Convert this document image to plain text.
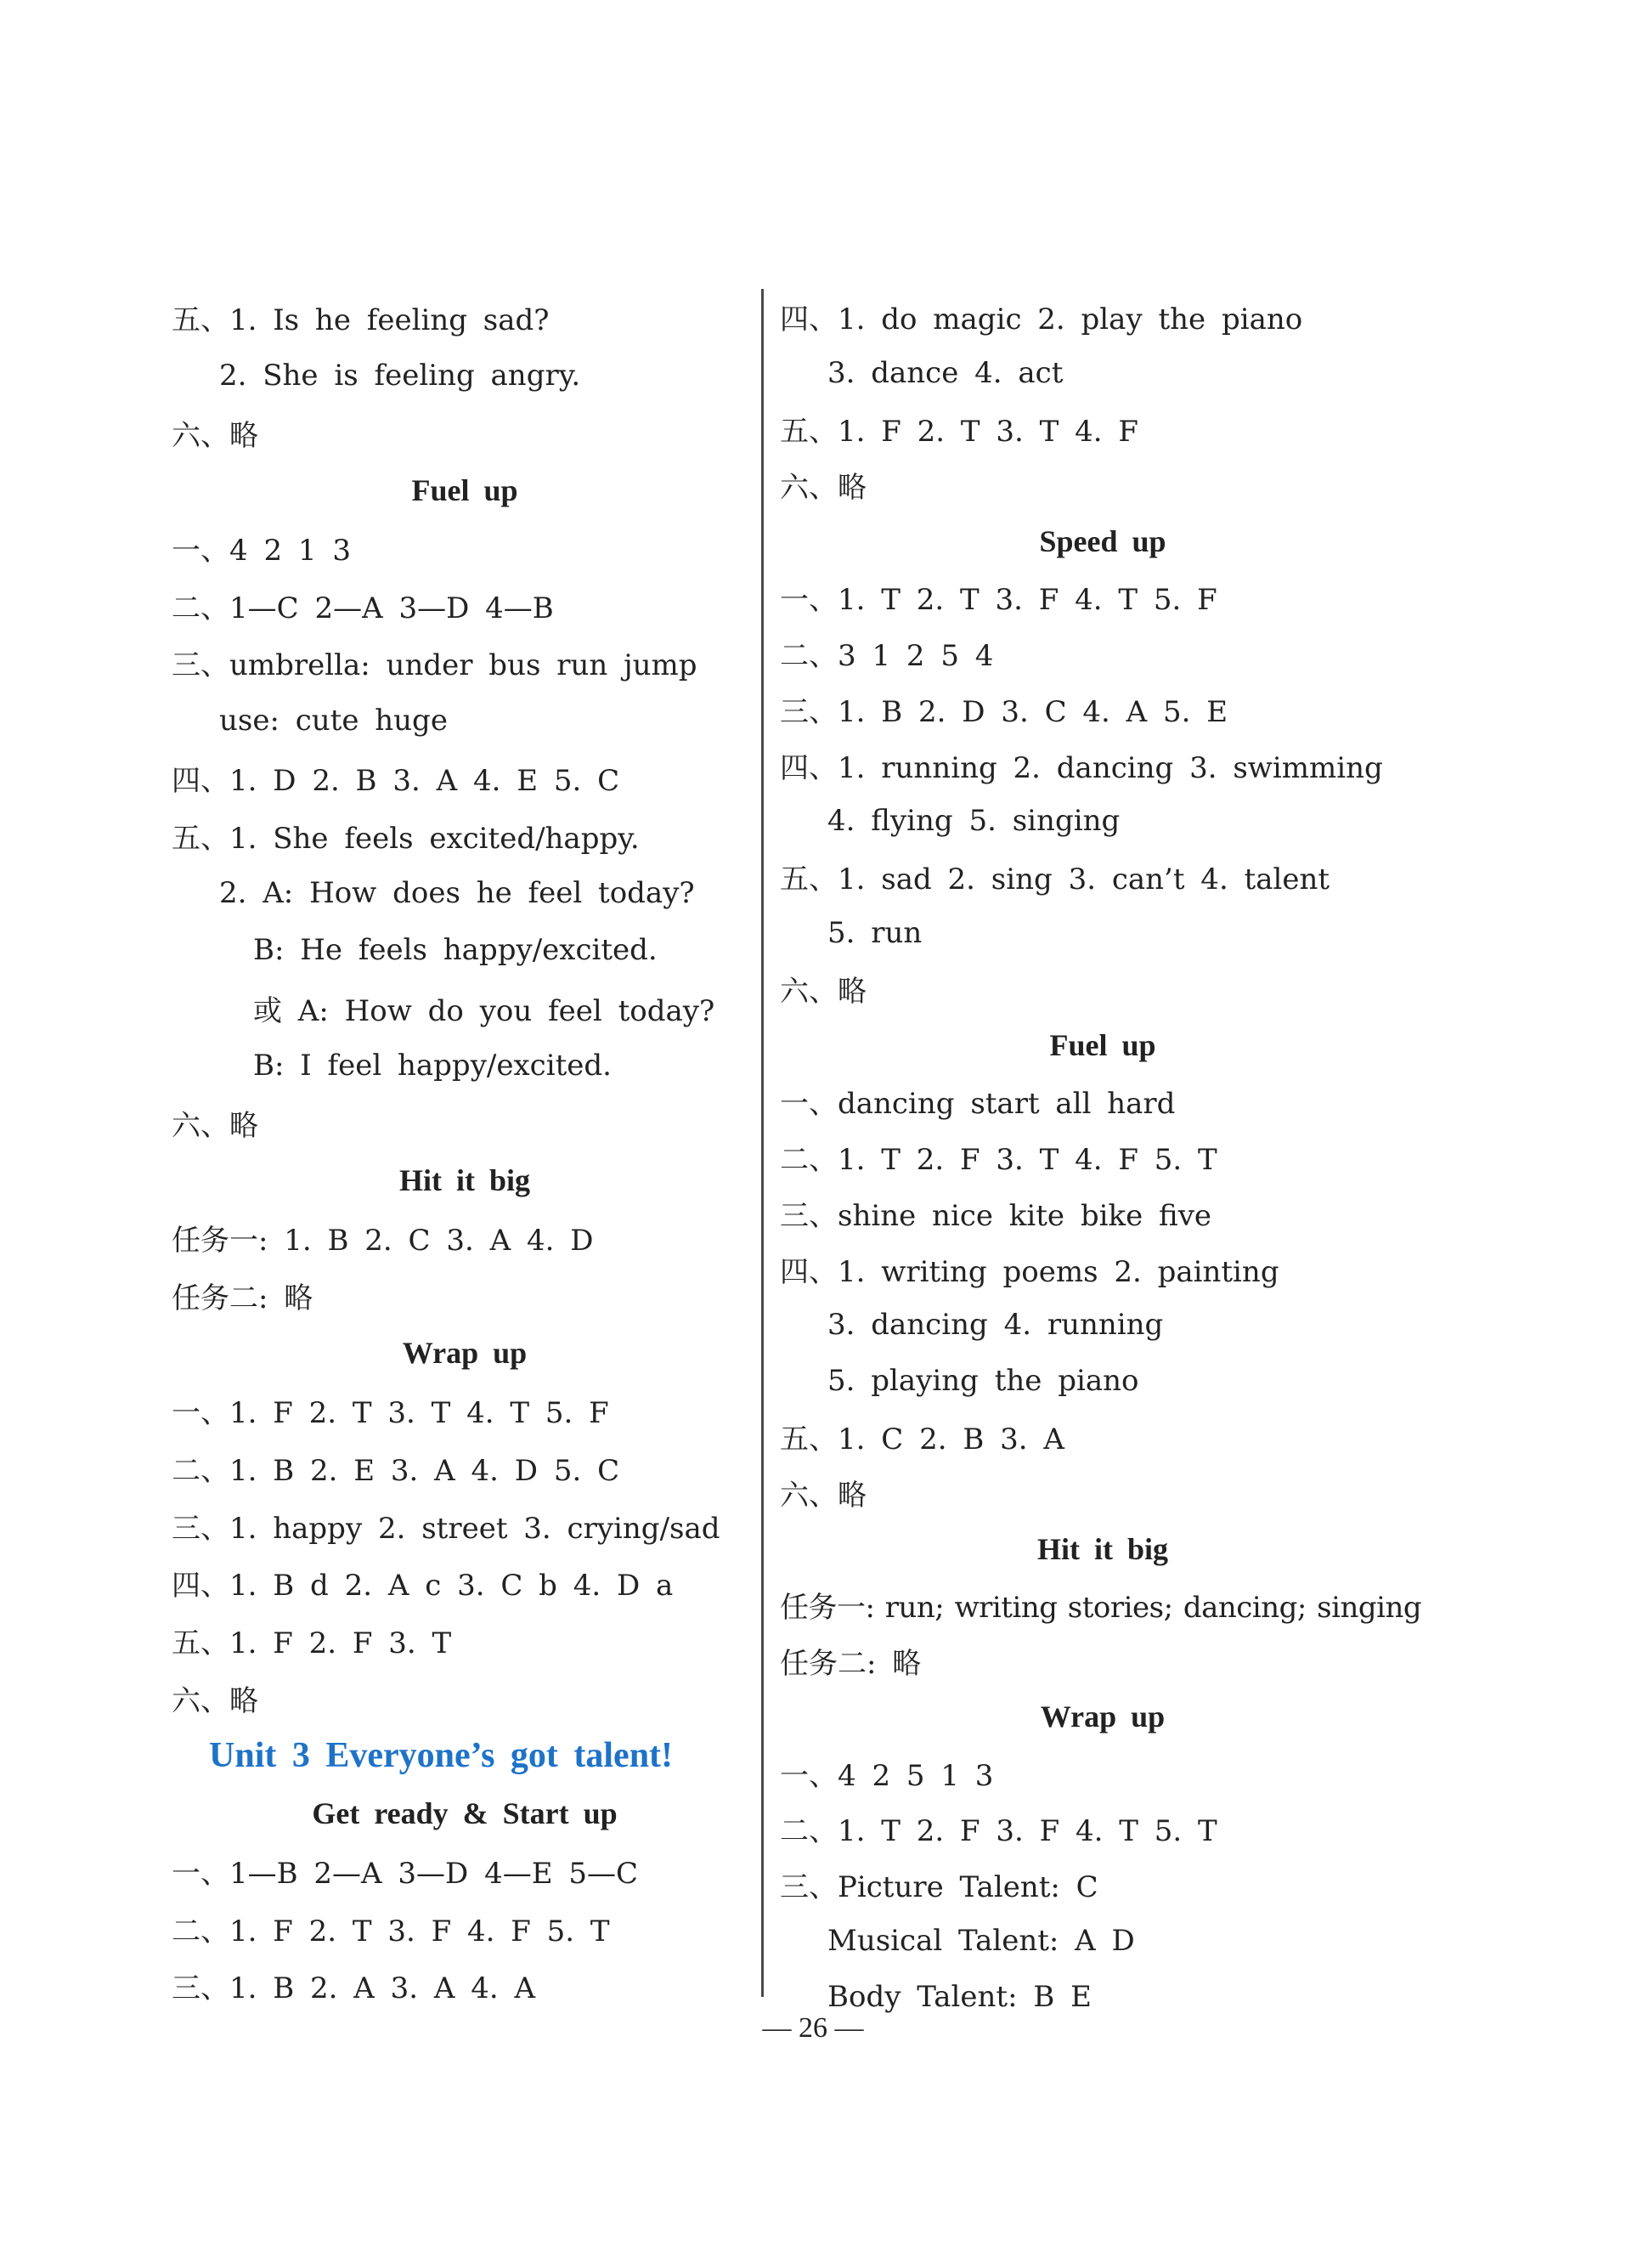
五、1. Is he feeling sad?
2. She is feeling angry.
六、略
Fuel up
一、4 2 1 3
二、1—C 2—A 3—D 4—B
三、umbrella: under bus run jump
use: cute huge
四、1. D 2. B 3. A 4. E 5. C
五、1. She feels excited/happy.
2. A: How does he feel today?
B: He feels happy/excited.
或 A: How do you feel today?
B: I feel happy/excited.
六、略
Hit it big
任务一: 1. B 2. C 3. A 4. D
任务二: 略
Wrap up
一、1. F 2. T 3. T 4. T 5. F
二、1. B 2. E 3. A 4. D 5. C
三、1. happy 2. street 3. crying/sad
四、1. B d 2. A c 3. C b 4. D a
五、1. F 2. F 3. T
六、略
Unit 3 Everyone’s got talent!
Get ready & Start up
一、1—B 2—A 3—D 4—E 5—C
二、1. F 2. T 3. F 4. F 5. T
三、1. B 2. A 3. A 4. A
四、1. do magic 2. play the piano
3. dance 4. act
五、1. F 2. T 3. T 4. F
六、略
Speed up
一、1. T 2. T 3. F 4. T 5. F
二、3 1 2 5 4
三、1. B 2. D 3. C 4. A 5. E
四、1. running 2. dancing 3. swimming
4. flying 5. singing
五、1. sad 2. sing 3. can’t 4. talent
5. run
六、略
Fuel up
一、dancing start all hard
二、1. T 2. F 3. T 4. F 5. T
三、shine nice kite bike five
四、1. writing poems 2. painting
3. dancing 4. running
5. playing the piano
五、1. C 2. B 3. A
六、略
Hit it big
任务一: run; writing stories; dancing; singing
任务二: 略
Wrap up
一、4 2 5 1 3
二、1. T 2. F 3. F 4. T 5. T
三、Picture Talent: C
Musical Talent: A D
Body Talent: B E
— 26 —
